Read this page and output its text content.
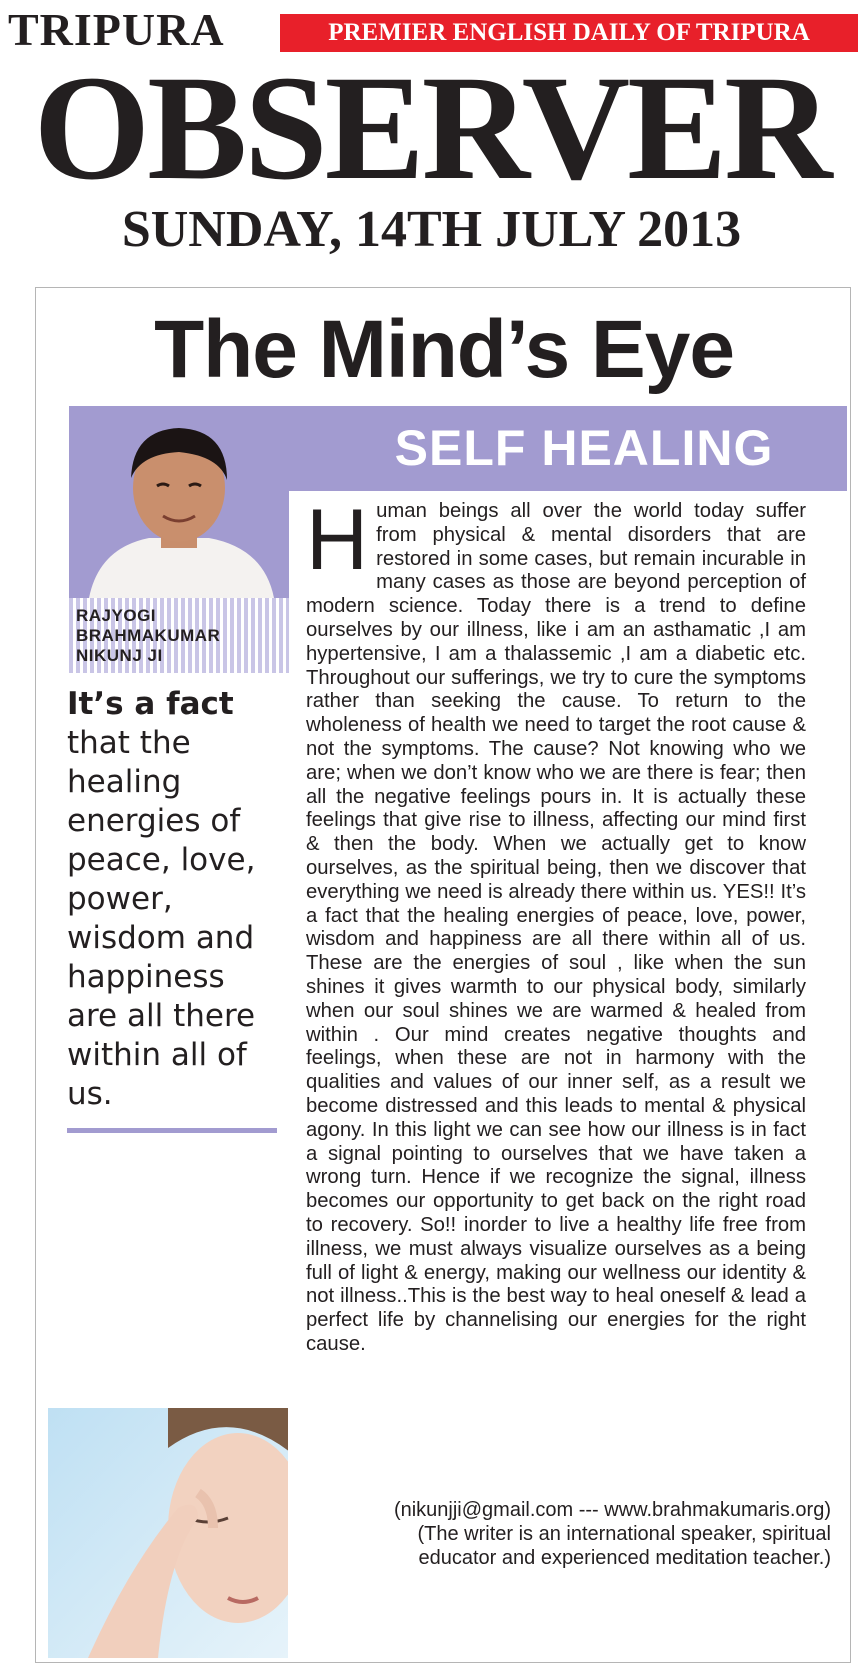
TRIPURA	PREMIER ENGLISH DAILY OF TRIPURA
OBSERVER
SUNDAY, 14TH JULY 2013
The Mind’s Eye
SELF HEALING
RAJYOGI
BRAHMAKUMAR
NIKUNJ JI
It’s a fact
that the healing energies of peace, love, power, wisdom and happiness are all there within all of us.
Human beings all over the world today suffer from physical & mental disorders that are restored in some cases, but remain incurable in many cases as those are beyond perception of modern science. Today there is a trend to define ourselves by our illness, like i am an asthamatic ,I am hypertensive, I am a thalassemic ,I am a diabetic etc. Throughout our sufferings, we try to cure the symptoms rather than seeking the cause. To return to the wholeness of health we need to target the root cause & not the symptoms. The cause? Not knowing who we are; when we don’t know who we are there is fear; then all the negative feelings pours in. It is actually these feelings that give rise to illness, affecting our mind first & then the body. When we actually get to know ourselves, as the spiritual being, then we discover that everything we need is already there within us. YES!! It’s a fact that the healing energies of peace, love, power, wisdom and happiness are all there within all of us. These are the energies of soul , like when the sun shines it gives warmth to our physical body, similarly when our soul shines we are warmed & healed from within . Our mind creates negative thoughts and feelings, when these are not in harmony with the qualities and values of our inner self, as a result we become distressed and this leads to mental & physical agony. In this light we can see how our illness is in fact a signal pointing to ourselves that we have taken a wrong turn. Hence if we recognize the signal, illness becomes our opportunity to get back on the right road to recovery. So!! inorder to live a healthy life free from illness, we must always visualize ourselves as a being full of light & energy, making our wellness our identity & not illness..This is the best way to heal oneself & lead a perfect life by channelising our energies for the right cause.
(nikunjji@gmail.com --- www.brahmakumaris.org)
(The writer is an international speaker, spiritual
educator and experienced meditation teacher.)
